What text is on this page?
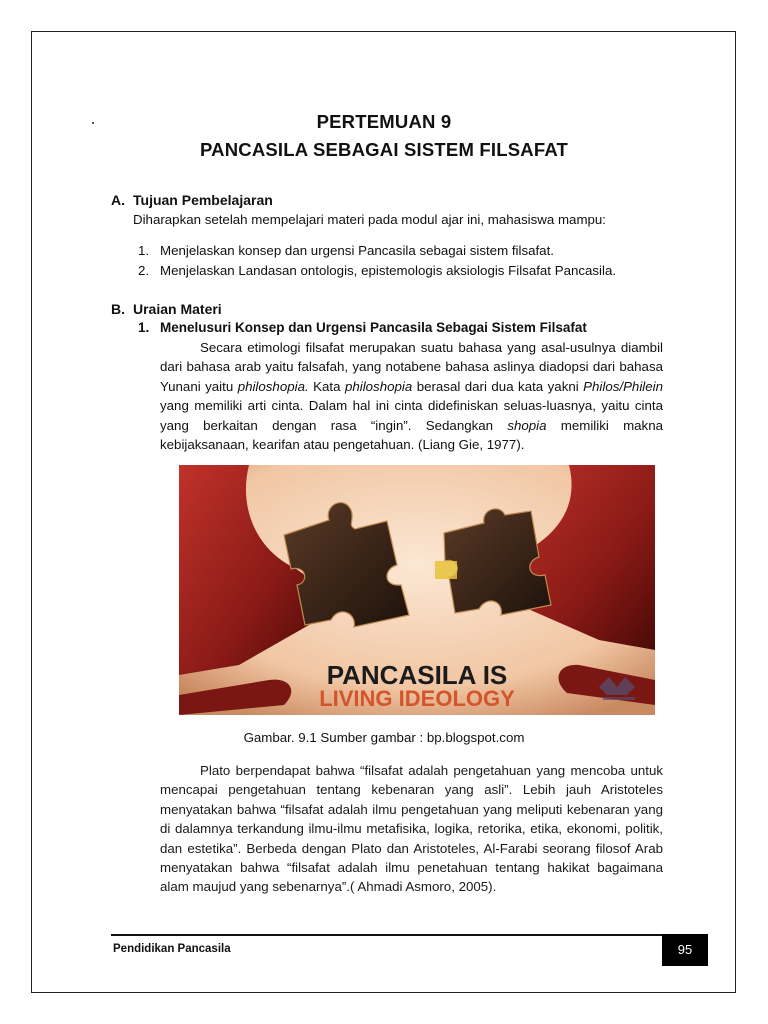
PERTEMUAN 9
PANCASILA SEBAGAI SISTEM FILSAFAT
A. Tujuan Pembelajaran
Diharapkan setelah mempelajari materi pada modul ajar ini, mahasiswa mampu:
1. Menjelaskan konsep dan urgensi Pancasila sebagai sistem filsafat.
2. Menjelaskan Landasan ontologis, epistemologis aksiologis Filsafat Pancasila.
B. Uraian Materi
1. Menelusuri Konsep dan Urgensi Pancasila Sebagai Sistem Filsafat

Secara etimologi filsafat merupakan suatu bahasa yang asal-usulnya diambil dari bahasa arab yaitu falsafah, yang notabene bahasa aslinya diadopsi dari bahasa Yunani yaitu philoshopia. Kata philoshopia berasal dari dua kata yakni Philos/Philein yang memiliki arti cinta. Dalam hal ini cinta didefiniskan seluas-luasnya, yaitu cinta yang berkaitan dengan rasa “ingin”. Sedangkan shopia memiliki makna kebijaksanaan, kearifan atau pengetahuan. (Liang Gie, 1977).

PANCASILA IS
LIVING IDEOLOGY
Gambar. 9.1 Sumber gambar : bp.blogspot.com

Plato berpendapat bahwa “filsafat adalah pengetahuan yang mencoba untuk mencapai pengetahuan tentang kebenaran yang asli”. Lebih jauh Aristoteles menyatakan bahwa “filsafat adalah ilmu pengetahuan yang meliputi kebenaran yang di dalamnya terkandung ilmu-ilmu metafisika, logika, retorika, etika, ekonomi, politik, dan estetika”. Berbeda dengan Plato dan Aristoteles, Al-Farabi seorang filosof Arab menyatakan bahwa “filsafat adalah ilmu penetahuan tentang hakikat bagaimana alam maujud yang sebenarnya”.( Ahmadi Asmoro, 2005).

Pendidikan Pancasila	95
